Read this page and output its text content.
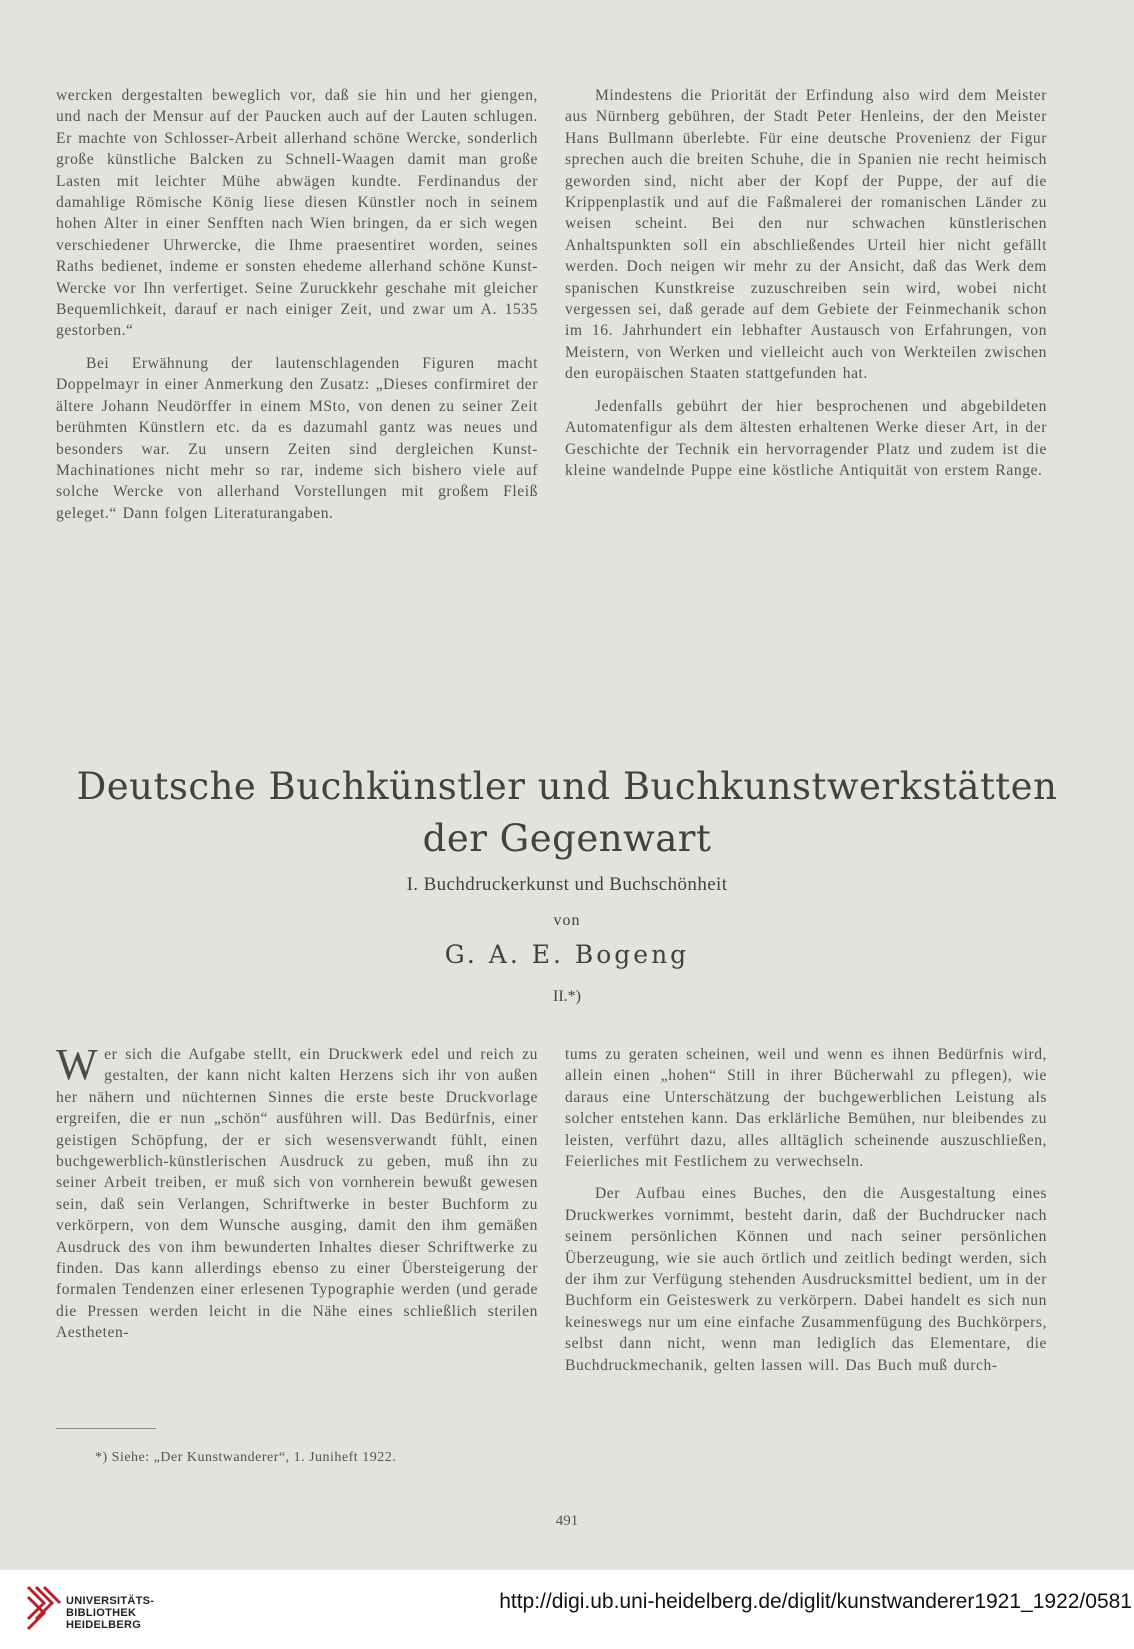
wercken dergestalten beweglich vor, daß sie hin und her giengen, und nach der Mensur auf der Paucken auch auf der Lauten schlugen. Er machte von Schlosser-Arbeit allerhand schöne Wercke, sonderlich große künstliche Balcken zu Schnell-Waagen damit man große Lasten mit leichter Mühe abwägen kundte. Ferdinandus der damahlige Römische König liese diesen Künstler noch in seinem hohen Alter in einer Senfften nach Wien bringen, da er sich wegen verschiedener Uhrwercke, die Ihme praesentiret worden, seines Raths bedienet, indeme er sonsten ehedeme allerhand schöne Kunst-Wercke vor Ihn verfertiget. Seine Zuruckkehr geschahe mit gleicher Bequemlichkeit, darauf er nach einiger Zeit, und zwar um A. 1535 gestorben.“

Bei Erwähnung der lautenschlagenden Figuren macht Doppelmayr in einer Anmerkung den Zusatz: „Dieses confirmiret der ältere Johann Neudörffer in einem MSto, von denen zu seiner Zeit berühmten Künstlern etc. da es dazumahl gantz was neues und besonders war. Zu unsern Zeiten sind dergleichen Kunst-Machinationes nicht mehr so rar, indeme sich bishero viele auf solche Wercke von allerhand Vorstellungen mit großem Fleiß geleget.“ Dann folgen Literaturangaben.

Mindestens die Priorität der Erfindung also wird dem Meister aus Nürnberg gebühren, der Stadt Peter Henleins, der den Meister Hans Bullmann überlebte. Für eine deutsche Provenienz der Figur sprechen auch die breiten Schuhe, die in Spanien nie recht heimisch geworden sind, nicht aber der Kopf der Puppe, der auf die Krippenplastik und auf die Faßmalerei der romanischen Länder zu weisen scheint. Bei den nur schwachen künstlerischen Anhaltspunkten soll ein abschließendes Urteil hier nicht gefällt werden. Doch neigen wir mehr zu der Ansicht, daß das Werk dem spanischen Kunstkreise zuzuschreiben sein wird, wobei nicht vergessen sei, daß gerade auf dem Gebiete der Feinmechanik schon im 16. Jahrhundert ein lebhafter Austausch von Erfahrungen, von Meistern, von Werken und vielleicht auch von Werkteilen zwischen den europäischen Staaten stattgefunden hat.

Jedenfalls gebührt der hier besprochenen und abgebildeten Automatenfigur als dem ältesten erhaltenen Werke dieser Art, in der Geschichte der Technik ein hervorragender Platz und zudem ist die kleine wandelnde Puppe eine köstliche Antiquität von erstem Range.

Deutsche Buchkünstler und Buchkunstwerkstätten
der Gegenwart
I. Buchdruckerkunst und Buchschönheit
von
G. A. E. Bogeng
II.*)

Wer sich die Aufgabe stellt, ein Druckwerk edel und reich zu gestalten, der kann nicht kalten Herzens sich ihr von außen her nähern und nüchternen Sinnes die erste beste Druckvorlage ergreifen, die er nun „schön“ ausführen will. Das Bedürfnis, einer geistigen Schöpfung, der er sich wesensverwandt fühlt, einen buchgewerblich-künstlerischen Ausdruck zu geben, muß ihn zu seiner Arbeit treiben, er muß sich von vornherein bewußt gewesen sein, daß sein Verlangen, Schriftwerke in bester Buchform zu verkörpern, von dem Wunsche ausging, damit den ihm gemäßen Ausdruck des von ihm bewunderten Inhaltes dieser Schriftwerke zu finden. Das kann allerdings ebenso zu einer Übersteigerung der formalen Tendenzen einer erlesenen Typographie werden (und gerade die Pressen werden leicht in die Nähe eines schließlich sterilen Aestheten-

tums zu geraten scheinen, weil und wenn es ihnen Bedürfnis wird, allein einen „hohen“ Still in ihrer Bücherwahl zu pflegen), wie daraus eine Unterschätzung der buchgewerblichen Leistung als solcher entstehen kann. Das erklärliche Bemühen, nur bleibendes zu leisten, verführt dazu, alles alltäglich scheinende auszuschließen, Feierliches mit Festlichem zu verwechseln.

Der Aufbau eines Buches, den die Ausgestaltung eines Druckwerkes vornimmt, besteht darin, daß der Buchdrucker nach seinem persönlichen Können und nach seiner persönlichen Überzeugung, wie sie auch örtlich und zeitlich bedingt werden, sich der ihm zur Verfügung stehenden Ausdrucksmittel bedient, um in der Buchform ein Geisteswerk zu verkörpern. Dabei handelt es sich nun keineswegs nur um eine einfache Zusammenfügung des Buchkörpers, selbst dann nicht, wenn man lediglich das Elementare, die Buchdruckmechanik, gelten lassen will. Das Buch muß durch-

*) Siehe: „Der Kunstwanderer“, 1. Juniheft 1922.
491
UNIVERSITÄTS-
BIBLIOTHEK
HEIDELBERG
http://digi.ub.uni-heidelberg.de/diglit/kunstwanderer1921_1922/0581
